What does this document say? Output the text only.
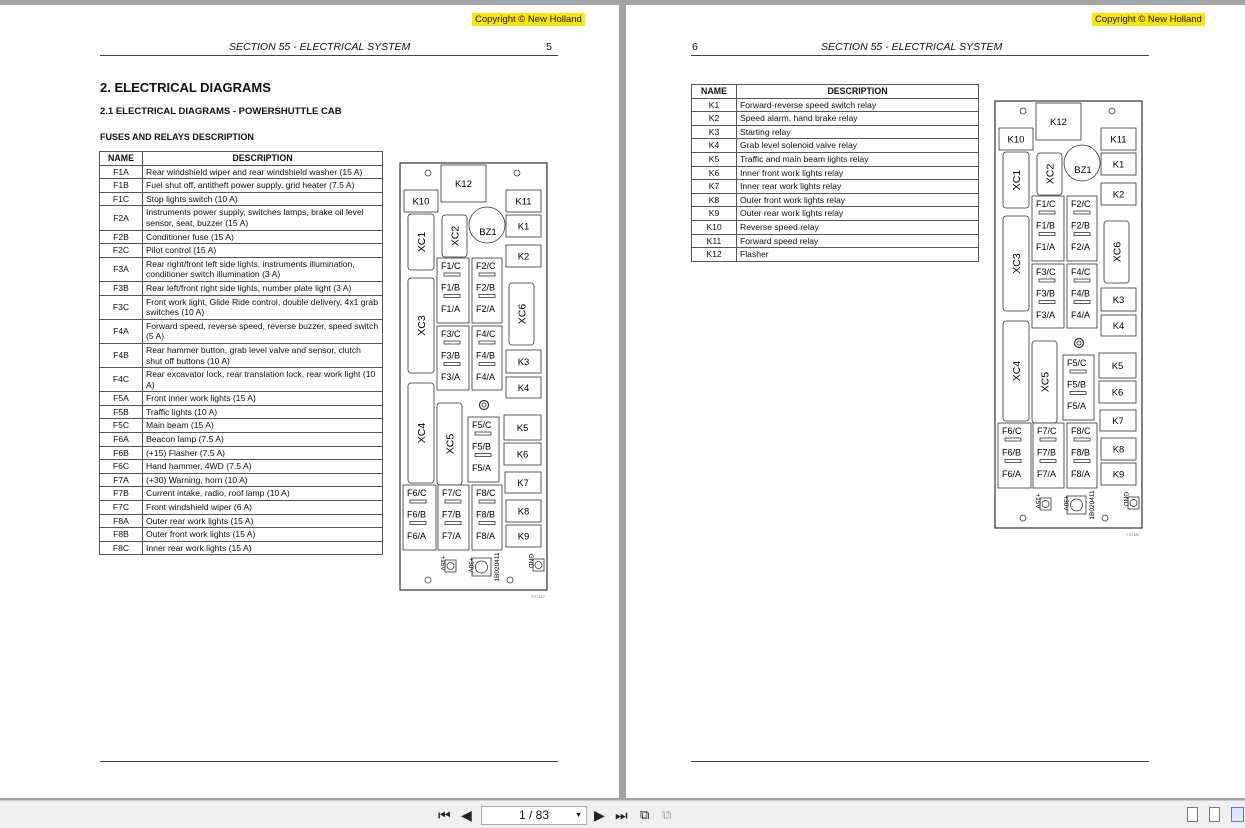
Copyright © New Holland
SECTION 55 - ELECTRICAL SYSTEM	5
2. ELECTRICAL DIAGRAMS
2.1 ELECTRICAL DIAGRAMS - POWERSHUTTLE CAB
FUSES AND RELAYS DESCRIPTION
NAME	DESCRIPTION
F1A	Rear windshield wiper and rear windshield washer (15 A)
F1B	Fuel shut off, antitheft power supply, grid heater (7.5 A)
F1C	Stop lights switch (10 A)
F2A	Instruments power supply, switches lamps, brake oil level sensor, seat, buzzer (15 A)
F2B	Conditioner fuse (15 A)
F2C	Pilot control (15 A)
F3A	Rear right/front left side lights, instruments illumination, conditioner switch illumination (3 A)
F3B	Rear left/front right side lights, number plate light (3 A)
F3C	Front work light, Glide Ride control, double delivery, 4x1 grab switches (10 A)
F4A	Forward speed, reverse speed, reverse buzzer, speed switch (5 A)
F4B	Rear hammer button, grab level valve and sensor, clutch shut off buttons (10 A)
F4C	Rear excavator lock, rear translation lock, rear work light (10 A)
F5A	Front inner work lights (15 A)
F5B	Traffic lights (10 A)
F5C	Main beam (15 A)
F6A	Beacon lamp (7.5 A)
F6B	(+15) Flasher (7.5 A)
F6C	Hand hammer, 4WD (7.5 A)
F7A	(+30) Warning, horn (10 A)
F7B	Current intake, radio, roof lamp (10 A)
F7C	Front windshield wiper (6 A)
F8A	Outer rear work lights (15 A)
F8B	Outer front work lights (15 A)
F8C	Inner rear work lights (15 A)
K12
K10	K11
K1
K2
K3
K4
K5
K6
K7
K8
K9
BZ1
XC1 XC2
XC3
XC4
XC5
XC6
F1/C
F1/B
F1/A
F2/C
F2/B
F2/A
F3/C
F3/B
F3/A
F4/C
F4/B
F4/A
F5/C
F5/B
F5/A
F6/C
F6/B
F6/A
F7/C
F7/B
F7/A
F8/C
F8/B
F8/A
+15V	+30V	GND
1B020411
F27187
Copyright © New Holland
6	SECTION 55 - ELECTRICAL SYSTEM
NAME	DESCRIPTION
K1	Forward-reverse speed switch relay
K2	Speed alarm, hand brake relay
K3	Starting relay
K4	Grab level solenoid valve relay
K5	Traffic and main beam lights relay
K6	Inner front work lights relay
K7	Inner rear work lights relay
K8	Outer front work lights relay
K9	Outer rear work lights relay
K10	Reverse speed relay
K11	Forward speed relay
K12	Flasher
K12
K10	K11
K1
K2
K3
K4
K5
K6
K7
K8
K9
BZ1
XC1 XC2
XC3
XC4
XC5
XC6
F1/C
F1/B
F1/A
F2/C
F2/B
F2/A
F3/C
F3/B
F3/A
F4/C
F4/B
F4/A
F5/C
F5/B
F5/A
F6/C
F6/B
F6/A
F7/C
F7/B
F7/A
F8/C
F8/B
F8/A
+15V	+30V	GND
1B020411
F27187
⏮ ◀	1 / 83	▼ ▶ ⏭ ⧉ ⧉
